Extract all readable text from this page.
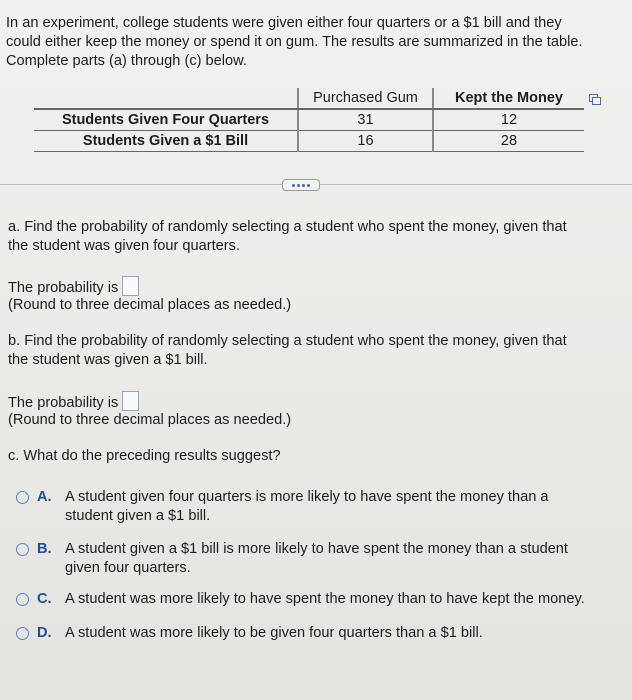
In an experiment, college students were given either four quarters or a $1 bill and they

could either keep the money or spend it on gum. The results are summarized in the table.

Complete parts (a) through (c) below.

	Purchased Gum	Kept the Money
Students Given Four Quarters	31	12
Students Given a $1 Bill	16	28

a. Find the probability of randomly selecting a student who spent the money, given that

the student was given four quarters.

The probability is
(Round to three decimal places as needed.)

b. Find the probability of randomly selecting a student who spent the money, given that

the student was given a $1 bill.

The probability is
(Round to three decimal places as needed.)
c. What do the preceding results suggest?
A. A student given four quarters is more likely to have spent the money than a
student given a $1 bill.
B. A student given a $1 bill is more likely to have spent the money than a student
given four quarters.
C. A student was more likely to have spent the money than to have kept the money.
D. A student was more likely to be given four quarters than a $1 bill.
